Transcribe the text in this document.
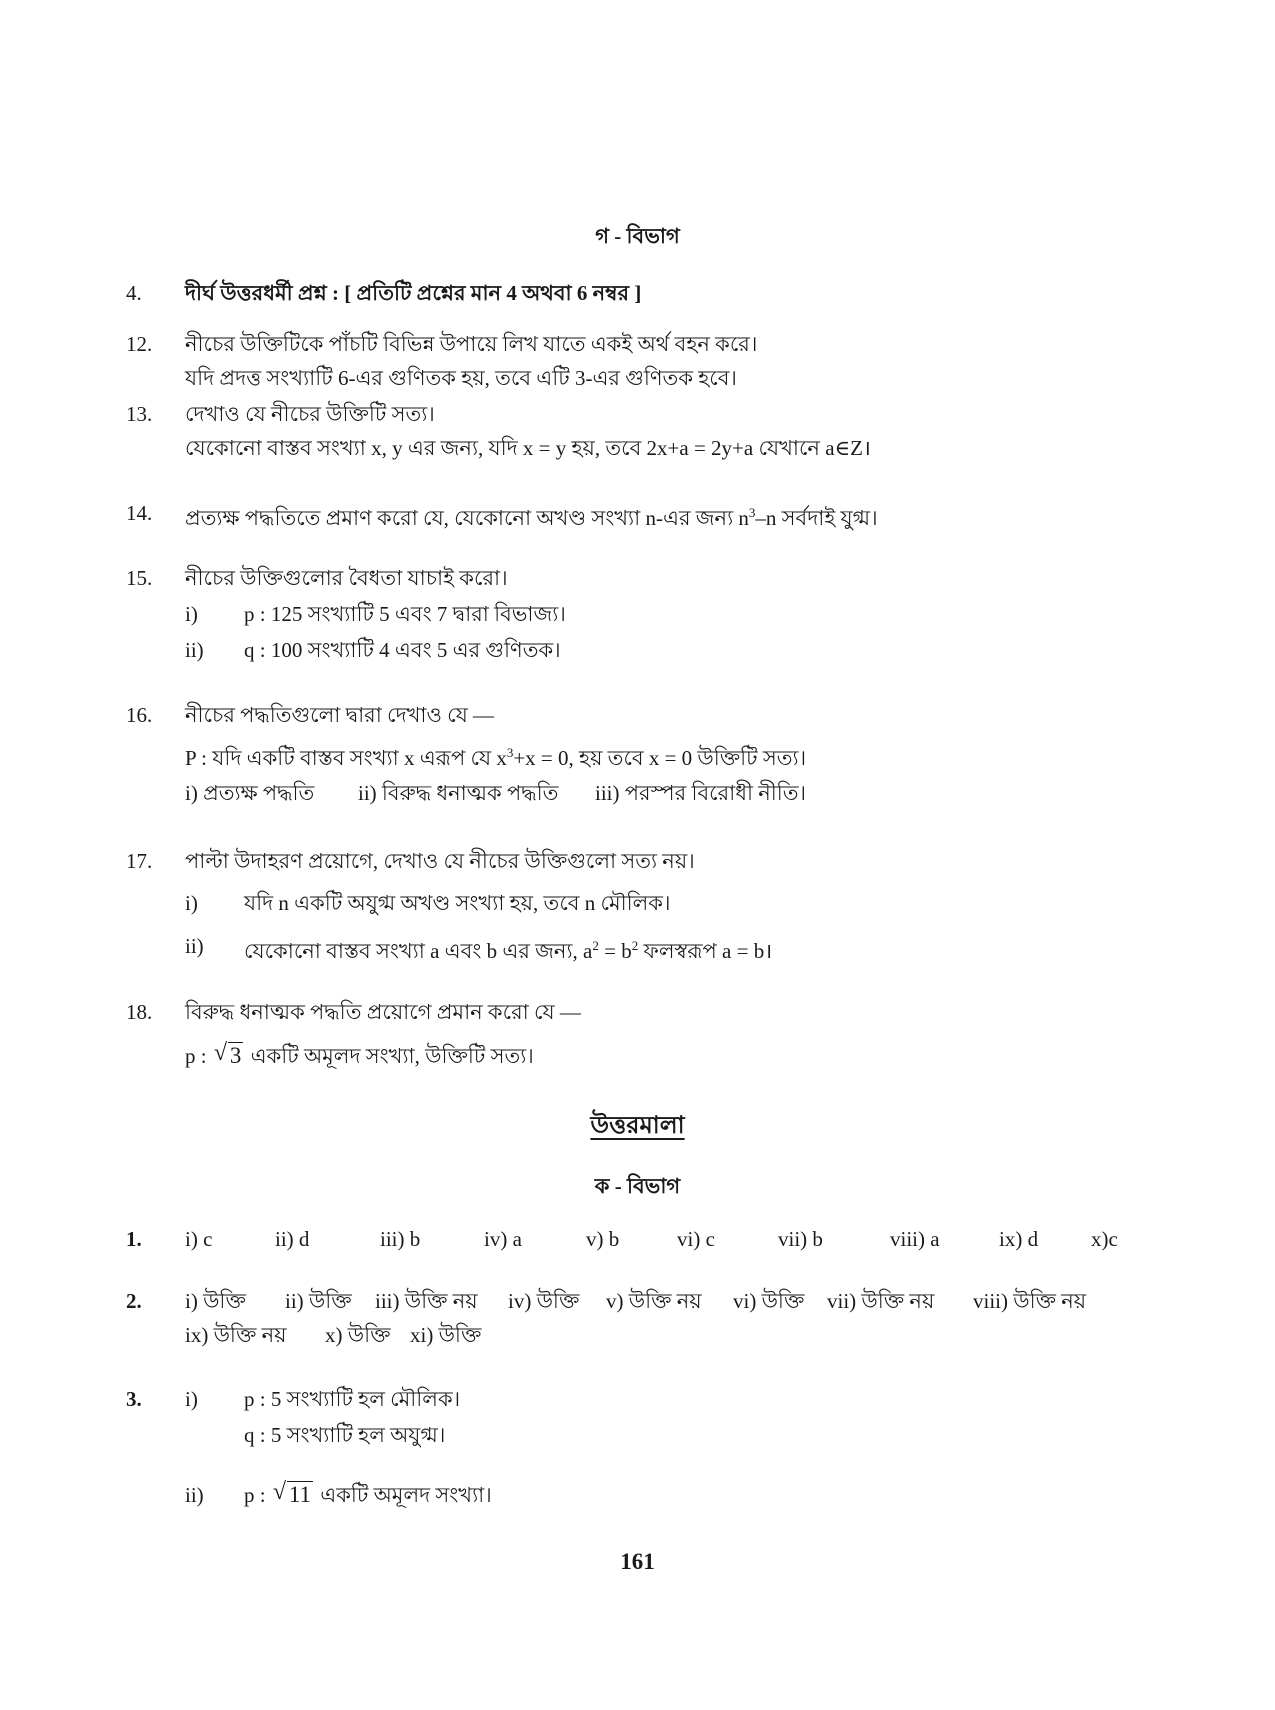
গ - বিভাগ
4. দীর্ঘ উত্তরধর্মী প্রশ্ন : [ প্রতিটি প্রশ্নের মান 4 অথবা 6 নম্বর ]
12. নীচের উক্তিটিকে পাঁচটি বিভিন্ন উপায়ে লিখ যাতে একই অর্থ বহন করে।
যদি প্রদত্ত সংখ্যাটি 6-এর গুণিতক হয়, তবে এটি 3-এর গুণিতক হবে।
13. দেখাও যে নীচের উক্তিটি সত্য।
যেকোনো বাস্তব সংখ্যা x, y এর জন্য, যদি x = y হয়, তবে 2x+a = 2y+a যেখানে a∈Z।
14. প্রত্যক্ষ পদ্ধতিতে প্রমাণ করো যে, যেকোনো অখণ্ড সংখ্যা n-এর জন্য $n^3-n$ সর্বদাই যুগ্ম।
15. নীচের উক্তিগুলোর বৈধতা যাচাই করো।
i) p : 125 সংখ্যাটি 5 এবং 7 দ্বারা বিভাজ্য।
ii) q : 100 সংখ্যাটি 4 এবং 5 এর গুণিতক।
16. নীচের পদ্ধতিগুলো দ্বারা দেখাও যে —
P : যদি একটি বাস্তব সংখ্যা x এরূপ যে $x^3+x = 0$, হয় তবে x = 0 উক্তিটি সত্য।
i) প্রত্যক্ষ পদ্ধতি ii) বিরুদ্ধ ধনাত্মক পদ্ধতি iii) পরস্পর বিরোধী নীতি।
17. পাল্টা উদাহরণ প্রয়োগে, দেখাও যে নীচের উক্তিগুলো সত্য নয়।
i) যদি n একটি অযুগ্ম অখণ্ড সংখ্যা হয়, তবে n মৌলিক।
ii) যেকোনো বাস্তব সংখ্যা a এবং b এর জন্য, $a^2 = b^2$ ফলস্বরূপ a = b।
18. বিরুদ্ধ ধনাত্মক পদ্ধতি প্রয়োগে প্রমান করো যে —
p : √ 3 একটি অমূলদ সংখ্যা, উক্তিটি সত্য।
উত্তরমালা
ক - বিভাগ
1. i) c	ii) d	iii) b	iv) a	v) b	vi) c	vii) b	viii) a	ix) d	x)c
2. i) উক্তি ii) উক্তি iii) উক্তি নয় iv) উক্তি v) উক্তি নয় vi) উক্তি vii) উক্তি নয় viii) উক্তি নয়
ix) উক্তি নয় x) উক্তি xi) উক্তি
3. i) p : 5 সংখ্যাটি হল মৌলিক।
q : 5 সংখ্যাটি হল অযুগ্ম।
ii) p : √ 11 একটি অমূলদ সংখ্যা।
161
